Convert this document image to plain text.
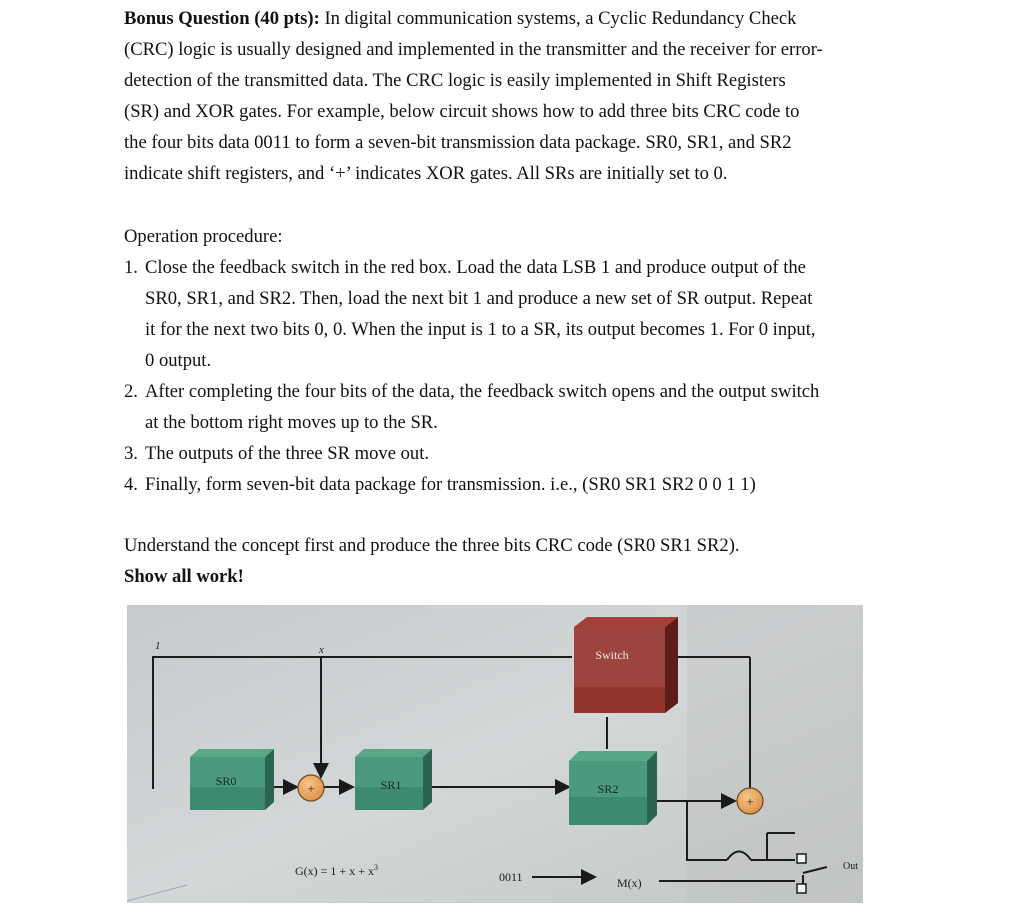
Bonus Question (40 pts): In digital communication systems, a Cyclic Redundancy Check
(CRC) logic is usually designed and implemented in the transmitter and the receiver for error-
detection of the transmitted data. The CRC logic is easily implemented in Shift Registers
(SR) and XOR gates. For example, below circuit shows how to add three bits CRC code to
the four bits data 0011 to form a seven-bit transmission data package. SR0, SR1, and SR2
indicate shift registers, and ‘+’ indicates XOR gates. All SRs are initially set to 0.
Operation procedure:
1. Close the feedback switch in the red box. Load the data LSB 1 and produce output of the
SR0, SR1, and SR2. Then, load the next bit 1 and produce a new set of SR output. Repeat
it for the next two bits 0, 0. When the input is 1 to a SR, its output becomes 1. For 0 input,
0 output.
2. After completing the four bits of the data, the feedback switch opens and the output switch
at the bottom right moves up to the SR.
3. The outputs of the three SR move out.
4. Finally, form seven-bit data package for transmission. i.e., (SR0 SR1 SR2 0 0 1 1)
Understand the concept first and produce the three bits CRC code (SR0 SR1 SR2).
Show all work!
Switch
SR0	+	SR1	SR2
+
1	x
$G(x) = 1 + x + x^3$
0011	M(x)
Out
